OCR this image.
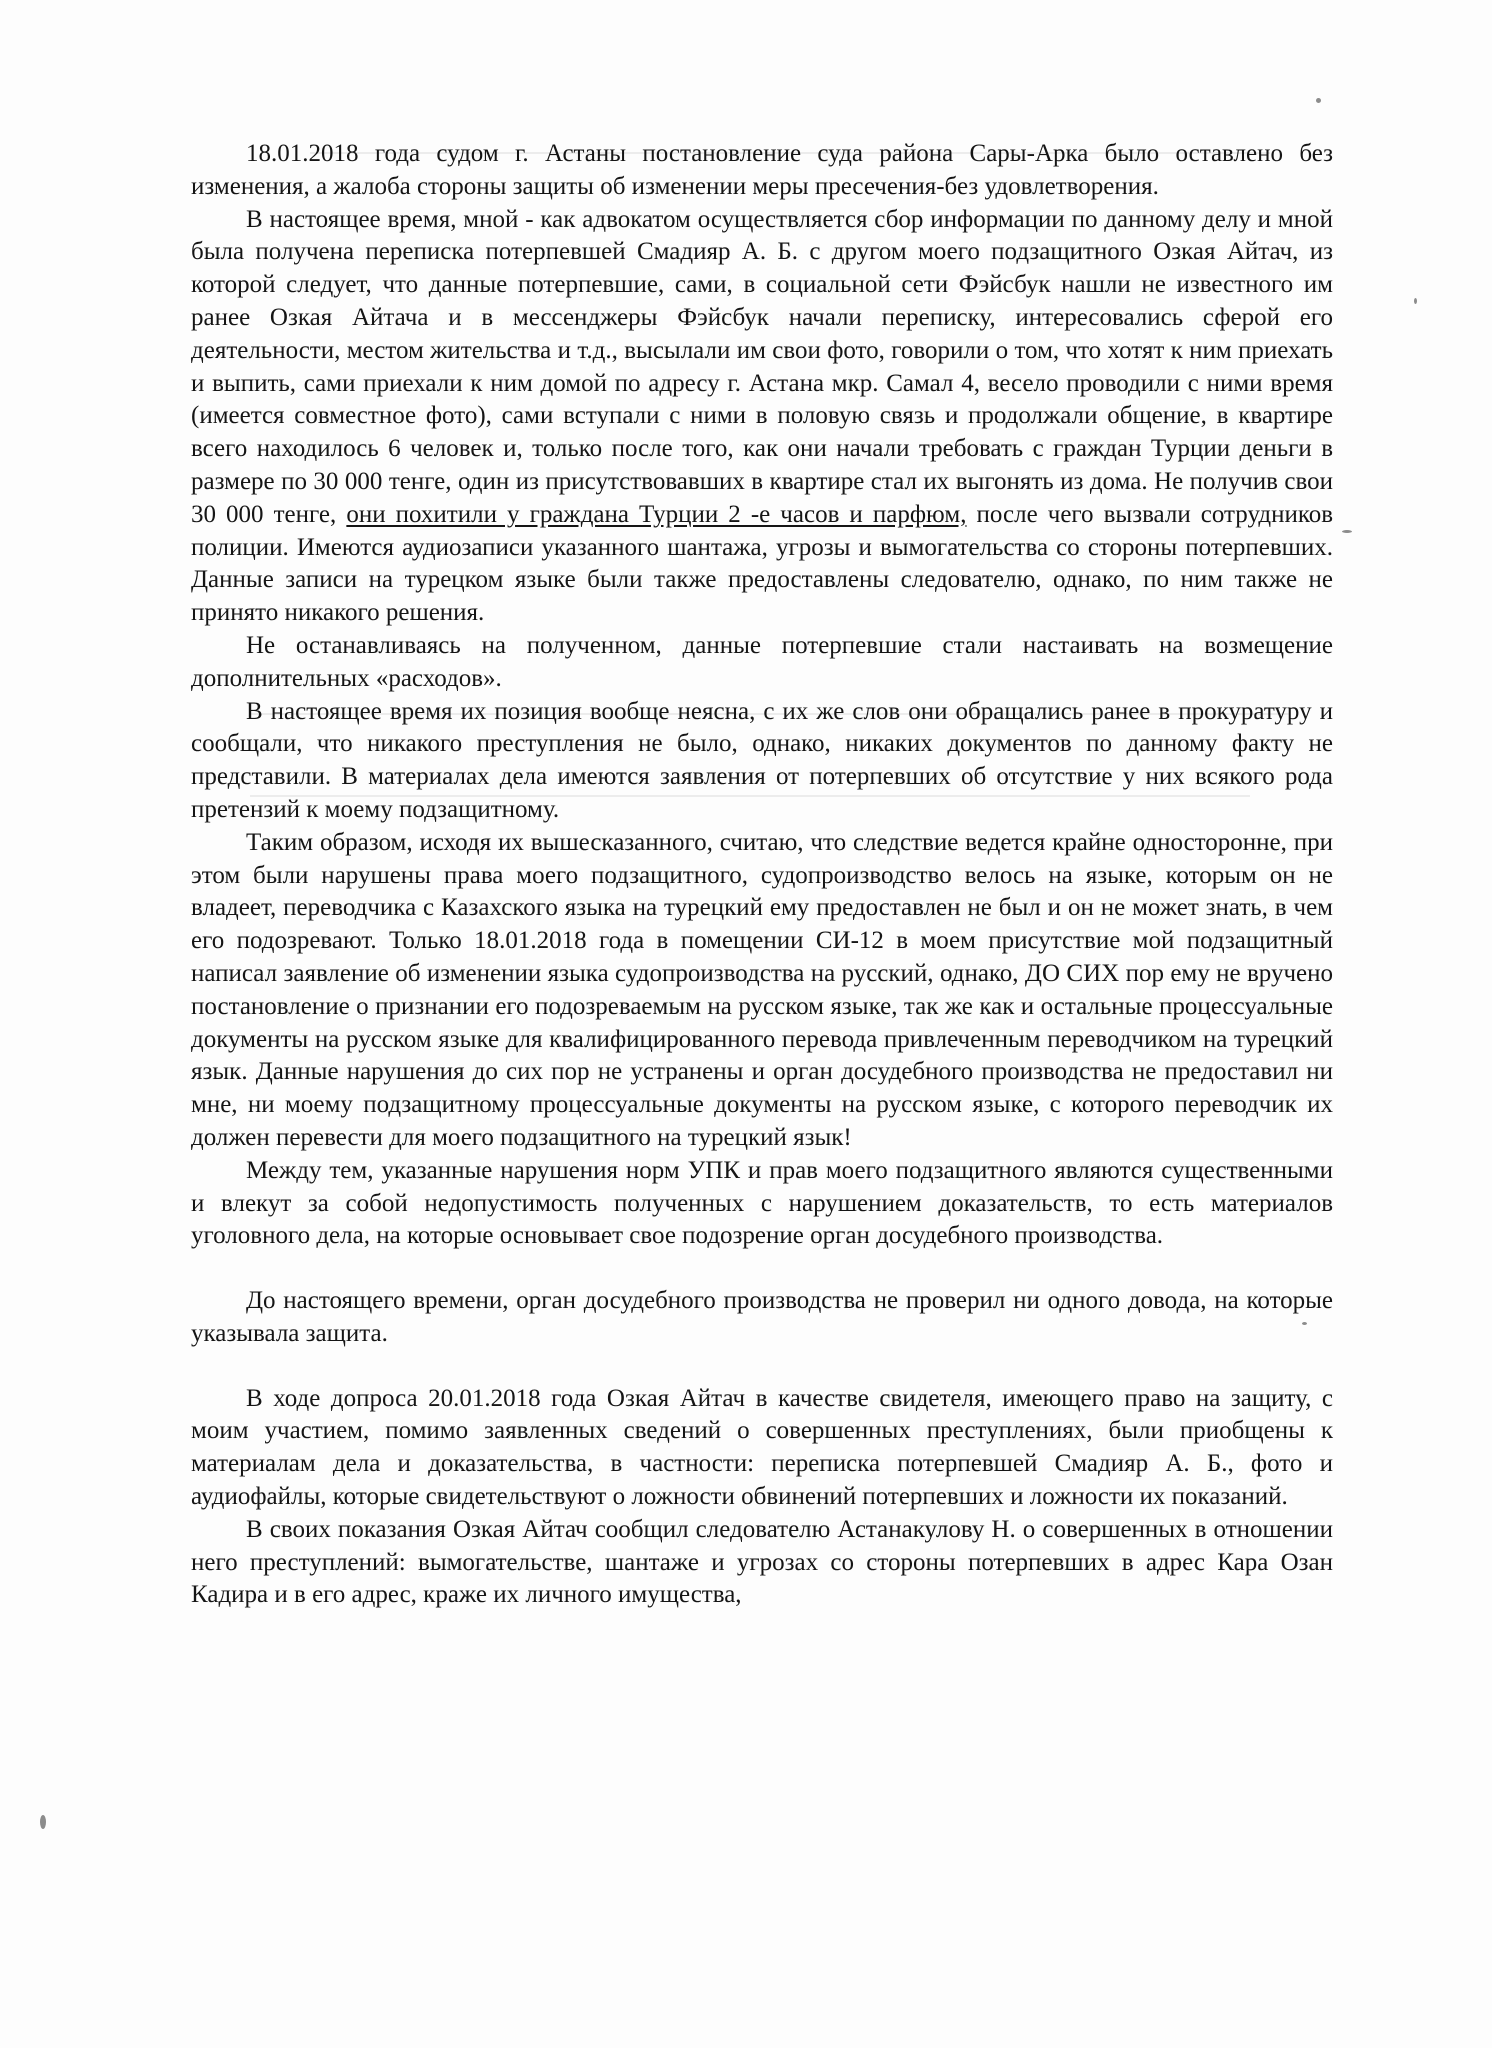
18.01.2018 года судом г. Астаны постановление суда района Сары-Арка было оставлено без изменения, а жалоба стороны защиты об изменении меры пресечения-без удовлетворения.

В настоящее время, мной - как адвокатом осуществляется сбор информации по данному делу и мной была получена переписка потерпевшей Смадияр А. Б. с другом моего подзащитного Озкая Айтач, из которой следует, что данные потерпевшие, сами, в социальной сети Фэйсбук нашли не известного им ранее Озкая Айтача и в мессенджеры Фэйсбук начали переписку, интересовались сферой его деятельности, местом жительства и т.д., высылали им свои фото, говорили о том, что хотят к ним приехать и выпить, сами приехали к ним домой по адресу г. Астана мкр. Самал 4, весело проводили с ними время (имеется совместное фото), сами вступали с ними в половую связь и продолжали общение, в квартире всего находилось 6 человек и, только после того, как они начали требовать с граждан Турции деньги в размере по 30 000 тенге, один из присутствовавших в квартире стал их выгонять из дома. Не получив свои 30 000 тенге, они похитили у гражданa Турции 2 -е часов и парфюм, после чего вызвали сотрудников полиции. Имеются аудиозаписи указанного шантажа, угрозы и вымогательства со стороны потерпевших. Данные записи на турецком языке были также предоставлены следователю, однако, по ним также не принято никакого решения.

Не останавливаясь на полученном, данные потерпевшие стали настаивать на возмещение дополнительных «расходов».

В настоящее время их позиция вообще неясна, с их же слов они обращались ранее в прокуратуру и сообщали, что никакого преступления не было, однако, никаких документов по данному факту не представили. В материалах дела имеются заявления от потерпевших об отсутствие у них всякого рода претензий к моему подзащитному.

Таким образом, исходя их вышесказанного, считаю, что следствие ведется крайне односторонне, при этом были нарушены права моего подзащитного, судопроизводство велось на языке, которым он не владеет, переводчика с Казахского языка на турецкий ему предоставлен не был и он не может знать, в чем его подозревают. Только 18.01.2018 года в помещении СИ-12 в моем присутствие мой подзащитный написал заявление об изменении языка судопроизводства на русский, однако, ДО СИХ пор ему не вручено постановление о признании его подозреваемым на русском языке, так же как и остальные процессуальные документы на русском языке для квалифицированного перевода привлеченным переводчиком на турецкий язык. Данные нарушения до сих пор не устранены и орган досудебного производства не предоставил ни мне, ни моему подзащитному процессуальные документы на русском языке, с которого переводчик их должен перевести для моего подзащитного на турецкий язык!

Между тем, указанные нарушения норм УПК и прав моего подзащитного являются существенными и влекут за собой недопустимость полученных с нарушением доказательств, то есть материалов уголовного дела, на которые основывает свое подозрение орган досудебного производства.

До настоящего времени, орган досудебного производства не проверил ни одного довода, на которые указывала защита.

В ходе допроса 20.01.2018 года Озкая Айтач в качестве свидетеля, имеющего право на защиту, с моим участием, помимо заявленных сведений о совершенных преступлениях, были приобщены к материалам дела и доказательства, в частности: переписка потерпевшей Смадияр А. Б., фото и аудиофайлы, которые свидетельствуют о ложности обвинений потерпевших и ложности их показаний.

В своих показания Озкая Айтач сообщил следователю Астанакулову Н. о совершенных в отношении него преступлений: вымогательстве, шантаже и угрозах со стороны потерпевших в адрес Кара Озан Кадира и в его адрес, краже их личного имущества,
